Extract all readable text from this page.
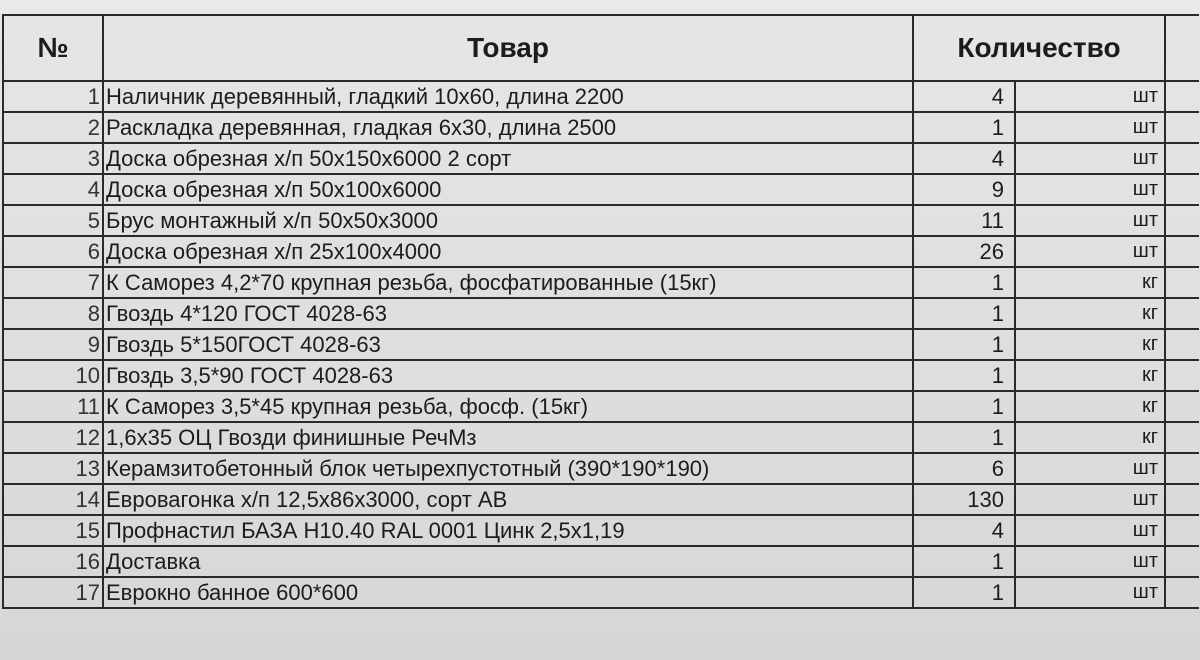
№	Товар	Количество		
1	Наличник деревянный, гладкий 10х60, длина 2200	4	шт	
2	Раскладка деревянная, гладкая 6х30, длина 2500	1	шт	
3	Доска обрезная х/п 50х150х6000 2 сорт	4	шт	
4	Доска обрезная х/п 50х100х6000	9	шт	
5	Брус монтажный х/п 50х50х3000	11	шт	
6	Доска обрезная х/п 25х100х4000	26	шт	
7	К Саморез 4,2*70 крупная резьба, фосфатированные (15кг)	1	кг	
8	Гвоздь 4*120 ГОСТ 4028-63	1	кг	
9	Гвоздь 5*150ГОСТ 4028-63	1	кг	
10	Гвоздь 3,5*90 ГОСТ 4028-63	1	кг	
11	К Саморез 3,5*45 крупная резьба, фосф. (15кг)	1	кг	
12	1,6х35 ОЦ Гвозди финишные РечМз	1	кг	
13	Керамзитобетонный блок четырехпустотный (390*190*190)	6	шт	
14	Евровагонка х/п 12,5х86х3000, сорт АВ	130	шт	
15	Профнастил БАЗА Н10.40 RAL 0001 Цинк 2,5х1,19	4	шт	
16	Доставка	1	шт	
17	Еврокно банное 600*600	1	шт	
